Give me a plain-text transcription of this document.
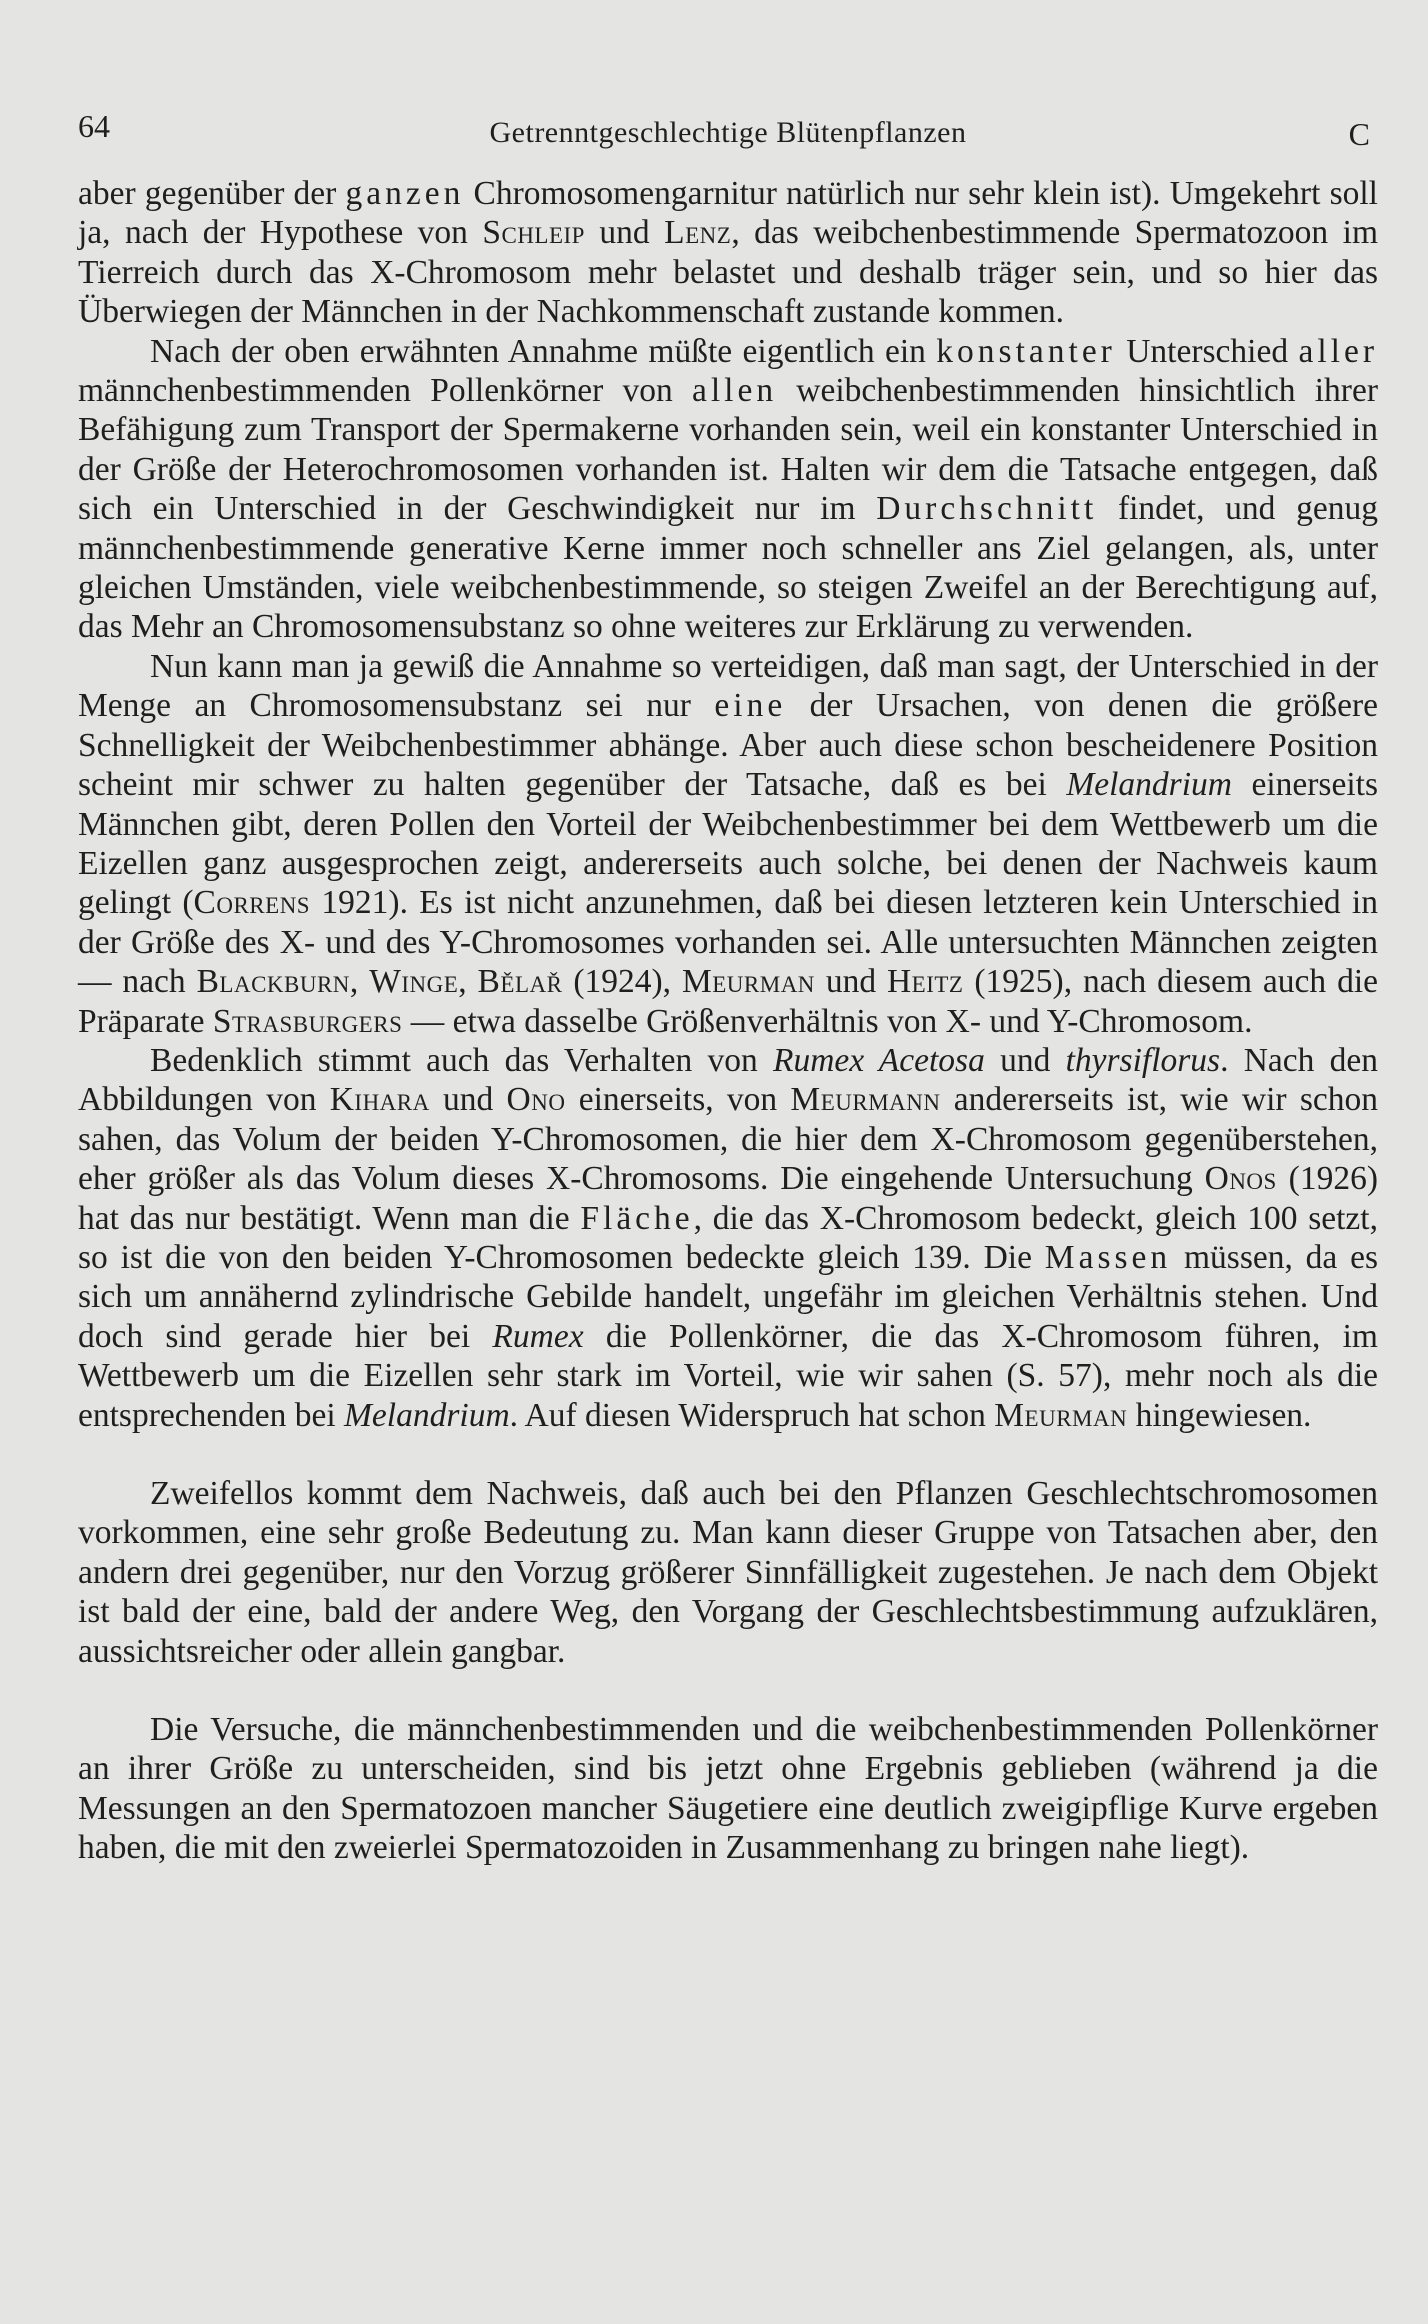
64	Getrenntgeschlechtige Blütenpflanzen	C

aber gegenüber der ganzen Chromosomengarnitur natürlich nur sehr klein ist). Umgekehrt soll ja, nach der Hypothese von Schleip und Lenz, das weibchenbestimmende Spermatozoon im Tierreich durch das X-Chromosom mehr belastet und deshalb träger sein, und so hier das Überwiegen der Männchen in der Nachkommenschaft zustande kommen.

Nach der oben erwähnten Annahme müßte eigentlich ein konstanter Unterschied aller männchenbestimmenden Pollenkörner von allen weibchenbestimmenden hinsichtlich ihrer Befähigung zum Transport der Spermakerne vorhanden sein, weil ein konstanter Unterschied in der Größe der Heterochromosomen vorhanden ist. Halten wir dem die Tatsache entgegen, daß sich ein Unterschied in der Geschwindigkeit nur im Durchschnitt findet, und genug männchenbestimmende generative Kerne immer noch schneller ans Ziel gelangen, als, unter gleichen Umständen, viele weibchenbestimmende, so steigen Zweifel an der Berechtigung auf, das Mehr an Chromosomensubstanz so ohne weiteres zur Erklärung zu verwenden.

Nun kann man ja gewiß die Annahme so verteidigen, daß man sagt, der Unterschied in der Menge an Chromosomensubstanz sei nur eine der Ursachen, von denen die größere Schnelligkeit der Weibchenbestimmer abhänge. Aber auch diese schon bescheidenere Position scheint mir schwer zu halten gegenüber der Tatsache, daß es bei Melandrium einerseits Männchen gibt, deren Pollen den Vorteil der Weibchenbestimmer bei dem Wettbewerb um die Eizellen ganz ausgesprochen zeigt, andererseits auch solche, bei denen der Nachweis kaum gelingt (Correns 1921). Es ist nicht anzunehmen, daß bei diesen letzteren kein Unterschied in der Größe des X- und des Y-Chromosomes vorhanden sei. Alle untersuchten Männchen zeigten — nach Blackburn, Winge, Bělař (1924), Meurman und Heitz (1925), nach diesem auch die Präparate Strasburgers — etwa dasselbe Größenverhältnis von X- und Y-Chromosom.

Bedenklich stimmt auch das Verhalten von Rumex Acetosa und thyrsiflorus. Nach den Abbildungen von Kihara und Ono einerseits, von Meurmann andererseits ist, wie wir schon sahen, das Volum der beiden Y-Chromosomen, die hier dem X-Chromosom gegenüberstehen, eher größer als das Volum dieses X-Chromosoms. Die eingehende Untersuchung Onos (1926) hat das nur bestätigt. Wenn man die Fläche, die das X-Chromosom bedeckt, gleich 100 setzt, so ist die von den beiden Y-Chromosomen bedeckte gleich 139. Die Massen müssen, da es sich um annähernd zylindrische Gebilde handelt, ungefähr im gleichen Verhältnis stehen. Und doch sind gerade hier bei Rumex die Pollenkörner, die das X-Chromosom führen, im Wettbewerb um die Eizellen sehr stark im Vorteil, wie wir sahen (S. 57), mehr noch als die entsprechenden bei Melandrium. Auf diesen Widerspruch hat schon Meurman hingewiesen.

Zweifellos kommt dem Nachweis, daß auch bei den Pflanzen Geschlechtschromosomen vorkommen, eine sehr große Bedeutung zu. Man kann dieser Gruppe von Tatsachen aber, den andern drei gegenüber, nur den Vorzug größerer Sinnfälligkeit zugestehen. Je nach dem Objekt ist bald der eine, bald der andere Weg, den Vorgang der Geschlechtsbestimmung aufzuklären, aussichtsreicher oder allein gangbar.

Die Versuche, die männchenbestimmenden und die weibchenbestimmenden Pollenkörner an ihrer Größe zu unterscheiden, sind bis jetzt ohne Ergebnis geblieben (während ja die Messungen an den Spermatozoen mancher Säugetiere eine deutlich zweigipflige Kurve ergeben haben, die mit den zweierlei Spermatozoiden in Zusammenhang zu bringen nahe liegt).
